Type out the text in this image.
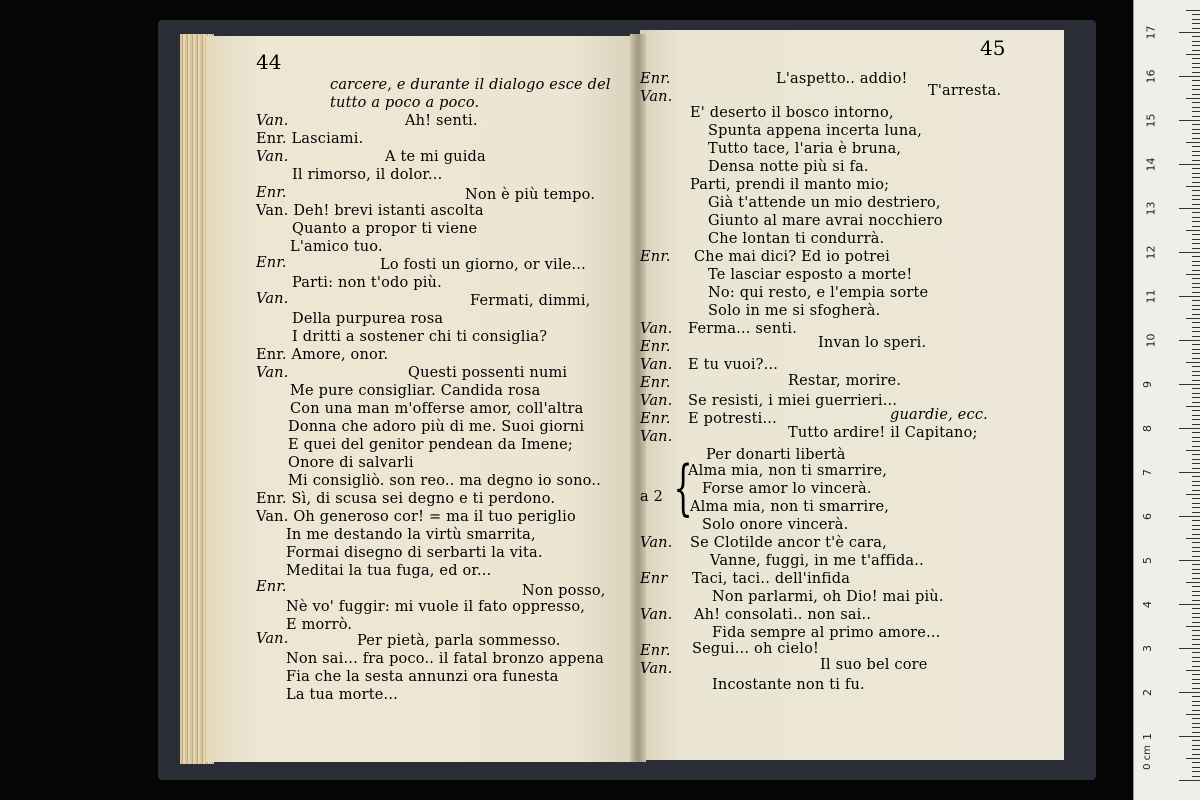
44
45
carcere, e durante il dialogo esce del
tutto a poco a poco.
Van.	Ah! senti.
Enr. Lasciami.
Van.	A te mi guida
Il rimorso, il dolor...
Enr.	Non è più tempo.
Van. Deh! brevi istanti ascolta
Quanto a propor ti viene
L'amico tuo.
Enr.	Lo fosti un giorno, or vile...
Parti: non t'odo più.
Van.	Fermati, dimmi,
Della purpurea rosa
I dritti a sostener chi ti consiglia?
Enr. Amore, onor.
Van.	Questi possenti numi
Me pure consigliar. Candida rosa
Con una man m'offerse amor, coll'altra
Donna che adoro più di me. Suoi giorni
E quei del genitor pendean da Imene;
Onore di salvarli
Mi consigliò. son reo.. ma degno io sono..
Enr. Sì, di scusa sei degno e ti perdono.
Van. Oh generoso cor! = ma il tuo periglio
In me destando la virtù smarrita,
Formai disegno di serbarti la vita.
Meditai la tua fuga, ed or...
Enr.	Non posso,
Nè vo' fuggir: mi vuole il fato oppresso,
E morrò.
Van.	Per pietà, parla sommesso.
Non sai... fra poco.. il fatal bronzo appena
Fia che la sesta annunzi ora funesta
La tua morte...
Enr.	L'aspetto.. addio!
Van.	T'arresta.
E' deserto il bosco intorno,
Spunta appena incerta luna,
Tutto tace, l'aria è bruna,
Densa notte più si fa.
Parti, prendi il manto mio;
Già t'attende un mio destriero,
Giunto al mare avrai nocchiero
Che lontan ti condurrà.
Enr. Che mai dici? Ed io potrei
Te lasciar esposto a morte!
No: qui resto, e l'empia sorte
Solo in me si sfogherà.
Van. Ferma... senti.
Enr.	Invan lo speri.
Van. E tu vuoi?...
Enr.	Restar, morire.
Van. Se resisti, i miei guerrieri...
Enr. E potresti...	guardie, ecc.
Van.	Tutto ardire! il Capitano;
Per donarti libertà
Alma mia, non ti smarrire,
Forse amor lo vincerà.
Alma mia, non ti smarrire,
Solo onore vincerà.
Van. Se Clotilde ancor t'è cara,
Vanne, fuggi, in me t'affida..
Enr Taci, taci.. dell'infida
Non parlarmi, oh Dio! mai più.
Van. Ah! consolati.. non sai..
Fida sempre al primo amore...
Enr. Segui... oh cielo!
Van.	Il suo bel core
Incostante non ti fu.
a 2 {
0 cm
1
2
3
4
5
6
7
8
9
10
11
12
13
14
15
16
17
